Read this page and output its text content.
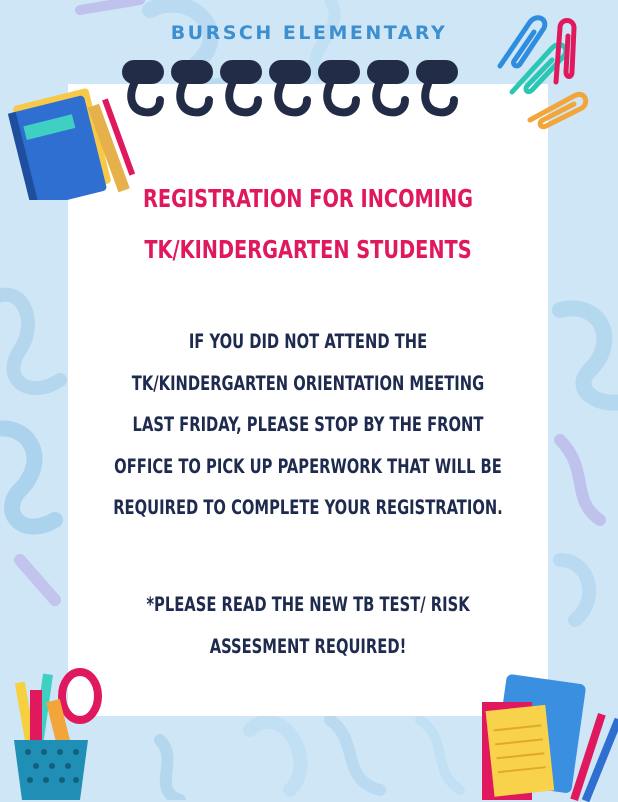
BURSCH ELEMENTARY
REGISTRATION FOR INCOMING
TK/KINDERGARTEN STUDENTS
IF YOU DID NOT ATTEND THE
TK/KINDERGARTEN ORIENTATION MEETING
LAST FRIDAY, PLEASE STOP BY THE FRONT
OFFICE TO PICK UP PAPERWORK THAT WILL BE
REQUIRED TO COMPLETE YOUR REGISTRATION.
*PLEASE READ THE NEW TB TEST/ RISK
ASSESMENT REQUIRED!
